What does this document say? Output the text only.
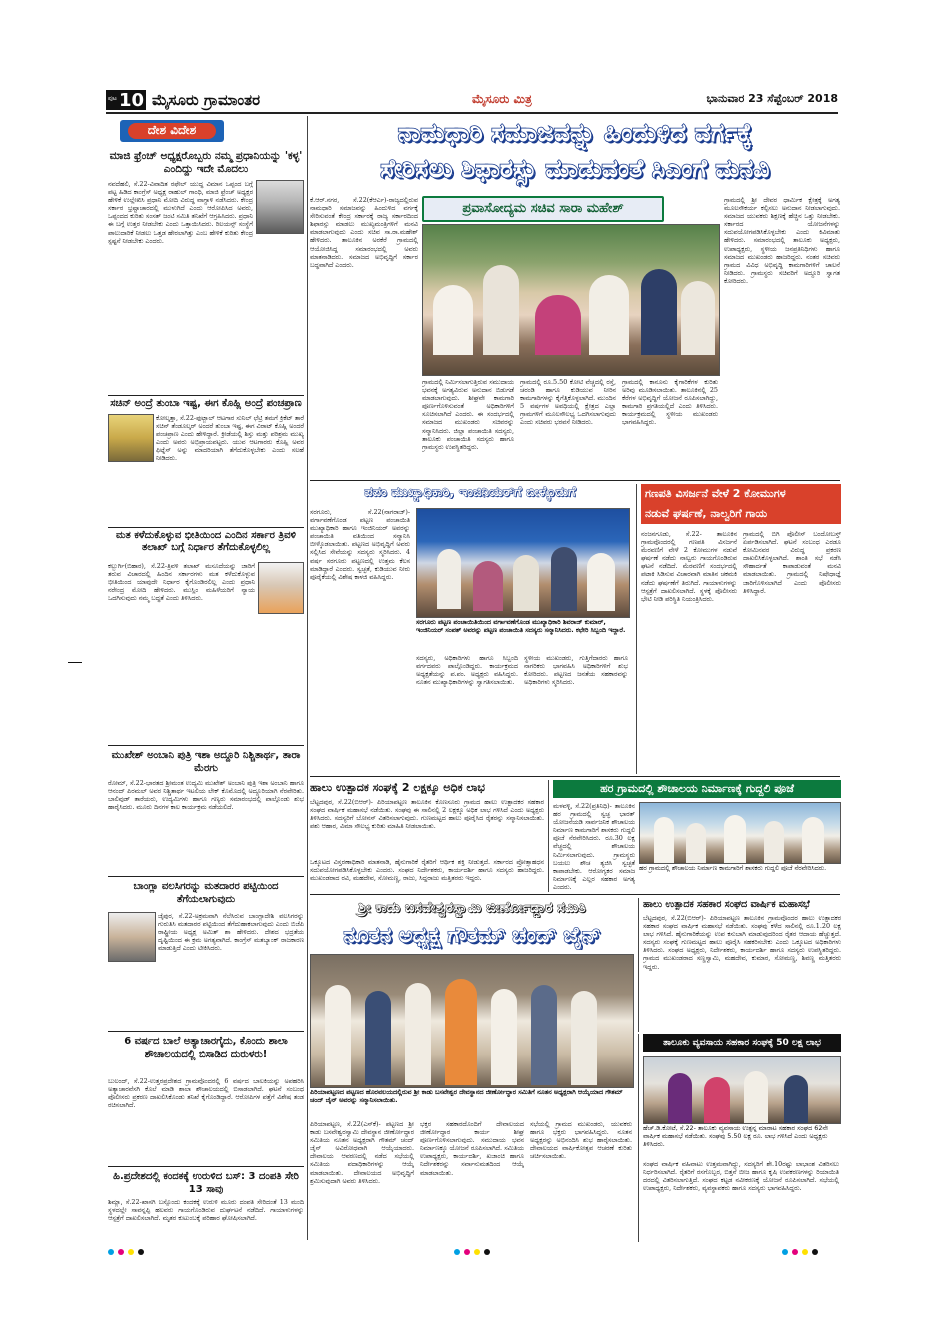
ಪುಟ 10 ಮೈಸೂರು ಗ್ರಾಮಾಂತರ	ಮೈಸೂರು ಮಿತ್ರ	ಭಾನುವಾರ 23 ಸೆಪ್ಟೆಂಬರ್ 2018
ದೇಶ ವಿದೇಶ
ಮಾಜಿ ಫ್ರೆಂಚ್ ಅಧ್ಯಕ್ಷರೊಬ್ಬರು ನಮ್ಮ ಪ್ರಧಾನಿಯನ್ನು 'ಕಳ್ಳ' ಎಂದಿದ್ದು ಇದೇ ಮೊದಲು
ನವದೆಹಲಿ, ಸೆ.22-ವಿವಾದಿತ ರಫೇಲ್ ಯುದ್ಧ ವಿಮಾನ ಒಪ್ಪಂದ ಬಗ್ಗೆ ಪಟ್ಟ ಹಿಡಿದ ಕಾಂಗ್ರೆಸ್ ಅಧ್ಯಕ್ಷ ರಾಹುಲ್ ಗಾಂಧಿ, ಮಾಜಿ ಫ್ರೆಂಚ್ ಅಧ್ಯಕ್ಷರ ಹೇಳಿಕೆ ಉಲ್ಲೇಖಿಸಿ ಪ್ರಧಾನಿ ಮೋದಿ ವಿರುದ್ಧ ವಾಗ್ದಾಳಿ ನಡೆಸಿದರು. ಕೇಂದ್ರ ಸರ್ಕಾರ ಭ್ರಷ್ಟಾಚಾರದಲ್ಲಿ ಮುಳುಗಿದೆ ಎಂದು ಆರೋಪಿಸಿದ ಅವರು, ಒಪ್ಪಂದದ ಕುರಿತು ಸಂಸತ್ ಜಂಟಿ ಸಮಿತಿ ತನಿಖೆಗೆ ಆಗ್ರಹಿಸಿದರು. ಪ್ರಧಾನಿ ಈ ಬಗ್ಗೆ ಉತ್ತರ ನೀಡಬೇಕು ಎಂದು ಒತ್ತಾಯಿಸಿದರು. ರಿಲಯನ್ಸ್ ಸಂಸ್ಥೆಗೆ ಪಾಲುದಾರಿಕೆ ನೀಡಲು ಒತ್ತಡ ಹೇರಲಾಗಿತ್ತು ಎಂಬ ಹೇಳಿಕೆ ಕುರಿತು ಕೇಂದ್ರ ಸ್ಪಷ್ಟನೆ ನೀಡಬೇಕು ಎಂದರು.
ಸಚಿನ್ ಅಂದ್ರೆ ತುಂಬಾ ಇಷ್ಟ, ಈಗ ಕೊಹ್ಲಿ ಅಂದ್ರೆ ಪಂಚಪ್ರಾಣ
ಕೋಲ್ಕತ್ತಾ, ಸೆ.22-ಫುಟ್ಬಾಲ್ ಆಟಗಾರ ಸುನಿಲ್ ಛೆಟ್ರಿ ತಮಗೆ ಕ್ರಿಕೆಟ್ ತಾರೆ ಸಚಿನ್ ತೆಂಡೂಲ್ಕರ್ ಅಂದರೆ ತುಂಬಾ ಇಷ್ಟ, ಈಗ ವಿರಾಟ್ ಕೊಹ್ಲಿ ಅಂದರೆ ಪಂಚಪ್ರಾಣ ಎಂದು ಹೇಳಿದ್ದಾರೆ. ಕ್ರೀಡೆಯಲ್ಲಿ ಶಿಸ್ತು ಮತ್ತು ಪರಿಶ್ರಮ ಮುಖ್ಯ ಎಂದು ಅವರು ಅಭಿಪ್ರಾಯಪಟ್ಟರು. ಯುವ ಆಟಗಾರರು ಕೊಹ್ಲಿ ಅವರ ಫಿಟ್ನೆಸ್ ಅನ್ನು ಮಾದರಿಯಾಗಿ ತೆಗೆದುಕೊಳ್ಳಬೇಕು ಎಂದು ಸಲಹೆ ನೀಡಿದರು.
ಮತ ಕಳೆದುಕೊಳ್ಳುವ ಭೀತಿಯಿಂದ ಎಂದಿನ ಸರ್ಕಾರ ತ್ರಿವಳಿ ತಲಾಖ್ ಬಗ್ಗೆ ನಿರ್ಧಾರ ತೆಗೆದುಕೊಳ್ಳಲಿಲ್ಲ
ಕಲ್ಬುರ್ಗಿ(ಬಿಹಾರ), ಸೆ.22-ತ್ರಿವಳಿ ತಲಾಖ್ ಮಸೂದೆಯನ್ನು ಜಾರಿಗೆ ತರುವ ವಿಚಾರದಲ್ಲಿ ಹಿಂದಿನ ಸರ್ಕಾರಗಳು ಮತ ಕಳೆದುಕೊಳ್ಳುವ ಭೀತಿಯಿಂದ ಯಾವುದೇ ನಿರ್ಧಾರ ಕೈಗೊಂಡಿರಲಿಲ್ಲ ಎಂದು ಪ್ರಧಾನಿ ನರೇಂದ್ರ ಮೋದಿ ಹೇಳಿದರು. ಮುಸ್ಲಿಂ ಮಹಿಳೆಯರಿಗೆ ನ್ಯಾಯ ಒದಗಿಸುವುದು ನಮ್ಮ ಬದ್ಧತೆ ಎಂದು ತಿಳಿಸಿದರು.
ಮುಖೇಶ್ ಅಂಬಾನಿ ಪುತ್ರಿ ಇಶಾ ಅದ್ದೂರಿ ನಿಶ್ಚಿತಾರ್ಥ, ತಾರಾ ಮೆರಗು
ರೋಮ್, ಸೆ.22-ಭಾರತದ ಶ್ರೀಮಂತ ಉದ್ಯಮಿ ಮುಖೇಶ್ ಅಂಬಾನಿ ಪುತ್ರಿ ಇಶಾ ಅಂಬಾನಿ ಹಾಗೂ ಆನಂದ್ ಪಿರಮಲ್ ಅವರ ನಿಶ್ಚಿತಾರ್ಥ ಇಟಲಿಯ ಲೇಕ್ ಕೊಮೊದಲ್ಲಿ ಅದ್ದೂರಿಯಾಗಿ ನೆರವೇರಿತು. ಬಾಲಿವುಡ್ ತಾರೆಯರು, ಉದ್ಯಮಿಗಳು ಹಾಗೂ ಗಣ್ಯರು ಸಮಾರಂಭದಲ್ಲಿ ಪಾಲ್ಗೊಂಡು ಶುಭ ಹಾರೈಸಿದರು. ಮೂರು ದಿನಗಳ ಕಾಲ ಕಾರ್ಯಕ್ರಮ ನಡೆಯಲಿದೆ.
ಬಾಂಗ್ಲಾ ವಲಸಿಗರನ್ನು ಮತದಾರರ ಪಟ್ಟಿಯಿಂದ ತೆಗೆಯಲಾಗುವುದು
ಜೈಪುರ, ಸೆ.22-ಅಕ್ರಮವಾಗಿ ನೆಲೆಸಿರುವ ಬಾಂಗ್ಲಾದೇಶಿ ವಲಸಿಗರನ್ನು ಗುರುತಿಸಿ ಮತದಾರರ ಪಟ್ಟಿಯಿಂದ ತೆಗೆದುಹಾಕಲಾಗುವುದು ಎಂದು ಬಿಜೆಪಿ ರಾಷ್ಟ್ರೀಯ ಅಧ್ಯಕ್ಷ ಅಮಿತ್ ಶಾ ಹೇಳಿದರು. ದೇಶದ ಭದ್ರತೆಯ ದೃಷ್ಟಿಯಿಂದ ಈ ಕ್ರಮ ಅಗತ್ಯವಾಗಿದೆ. ಕಾಂಗ್ರೆಸ್ ಮತಬ್ಯಾಂಕ್ ರಾಜಕಾರಣ ಮಾಡುತ್ತಿದೆ ಎಂದು ಟೀಕಿಸಿದರು.
6 ವರ್ಷದ ಬಾಲೆ ಅತ್ಯಾಚಾರಗೈದು, ಕೊಂದು ಶಾಲಾ ಶೌಚಾಲಯದಲ್ಲಿ ಬಿಸಾಡಿದ ದುರುಳರು!
ಬುಲಂದ್, ಸೆ.22-ಉತ್ತರಪ್ರದೇಶದ ಗ್ರಾಮವೊಂದರಲ್ಲಿ 6 ವರ್ಷದ ಬಾಲಕಿಯನ್ನು ಅಪಹರಿಸಿ ಅತ್ಯಾಚಾರವೆಸಗಿ ಕೊಲೆ ಮಾಡಿ ಶಾಲಾ ಶೌಚಾಲಯದಲ್ಲಿ ಬಿಸಾಡಲಾಗಿದೆ. ಘಟನೆ ಸಂಬಂಧ ಪೊಲೀಸರು ಪ್ರಕರಣ ದಾಖಲಿಸಿಕೊಂಡು ತನಿಖೆ ಕೈಗೊಂಡಿದ್ದಾರೆ. ಆರೋಪಿಗಳ ಪತ್ತೆಗೆ ವಿಶೇಷ ತಂಡ ರಚಿಸಲಾಗಿದೆ.
ಹಿ.ಪ್ರದೇಶದಲ್ಲಿ ಕಂದಕಕ್ಕೆ ಉರುಳಿದ ಬಸ್: 3 ದಂಪತಿ ಸೇರಿ 13 ಸಾವು
ಶಿಮ್ಲಾ, ಸೆ.22-ಖಾಸಗಿ ಬಸ್ಸೊಂದು ಕಂದಕಕ್ಕೆ ಉರುಳಿ ಮೂರು ದಂಪತಿ ಸೇರಿದಂತೆ 13 ಮಂದಿ ಸ್ಥಳದಲ್ಲೇ ಸಾವನ್ನಪ್ಪಿ ಹಲವರು ಗಾಯಗೊಂಡಿರುವ ದುರ್ಘಟನೆ ನಡೆದಿದೆ. ಗಾಯಾಳುಗಳನ್ನು ಆಸ್ಪತ್ರೆಗೆ ದಾಖಲಿಸಲಾಗಿದೆ. ಮೃತರ ಕುಟುಂಬಕ್ಕೆ ಪರಿಹಾರ ಘೋಷಿಸಲಾಗಿದೆ.
ನಾಮಧಾರಿ ಸಮಾಜವನ್ನು ಹಿಂದುಳಿದ ವರ್ಗಕ್ಕೆ
ಸೇರಿಸಲು ಶಿಫಾರಸ್ಸು ಮಾಡುವಂತೆ ಸಿಎಂಗೆ ಮನವಿ
ಪ್ರವಾಸೋದ್ಯಮ ಸಚಿವ ಸಾರಾ ಮಹೇಶ್
ಕೆ.ಆರ್.ನಗರ, ಸೆ.22(ಕೆಆರ್ಎ)-ರಾಜ್ಯದಲ್ಲಿರುವ ನಾಮಧಾರಿ ಸಮಾಜವನ್ನು ಹಿಂದುಳಿದ ವರ್ಗಕ್ಕೆ ಸೇರಿಸುವಂತೆ ಕೇಂದ್ರ ಸರ್ಕಾರಕ್ಕೆ ರಾಜ್ಯ ಸರ್ಕಾರದಿಂದ ಶಿಫಾರಸ್ಸು ಮಾಡಲು ಮುಖ್ಯಮಂತ್ರಿಗಳಿಗೆ ಮನವಿ ಮಾಡಲಾಗುವುದು ಎಂದು ಸಚಿವ ಸಾ.ರಾ.ಮಹೇಶ್ ಹೇಳಿದರು. ತಾಲೂಕಿನ ಅರಕೆರೆ ಗ್ರಾಮದಲ್ಲಿ ಆಯೋಜಿಸಿದ್ದ ಸಮಾರಂಭದಲ್ಲಿ ಅವರು ಮಾತನಾಡಿದರು. ಸಮಾಜದ ಅಭಿವೃದ್ಧಿಗೆ ಸರ್ಕಾರ ಬದ್ಧವಾಗಿದೆ ಎಂದರು.
ಗ್ರಾಮದಲ್ಲಿ ನಿರ್ಮಿಸಲಾಗುತ್ತಿರುವ ಸಮುದಾಯ ಭವನಕ್ಕೆ ಅಗತ್ಯವಿರುವ ಅನುದಾನ ಬಿಡುಗಡೆ ಮಾಡಲಾಗುವುದು. ಶೀಘ್ರವೇ ಕಾಮಗಾರಿ ಪೂರ್ಣಗೊಳಿಸುವಂತೆ ಅಧಿಕಾರಿಗಳಿಗೆ ಸೂಚಿಸಲಾಗಿದೆ ಎಂದರು. ಈ ಸಂದರ್ಭದಲ್ಲಿ ಸಮಾಜದ ಮುಖಂಡರು ಸಚಿವರನ್ನು ಸನ್ಮಾನಿಸಿದರು. ಜಿಲ್ಲಾ ಪಂಚಾಯಿತಿ ಸದಸ್ಯರು, ತಾಲೂಕು ಪಂಚಾಯಿತಿ ಸದಸ್ಯರು ಹಾಗೂ ಗ್ರಾಮಸ್ಥರು ಉಪಸ್ಥಿತರಿದ್ದರು.
ಗ್ರಾಮದಲ್ಲಿ ರೂ.5.50 ಕೋಟಿ ವೆಚ್ಚದಲ್ಲಿ ರಸ್ತೆ, ಚರಂಡಿ ಹಾಗೂ ಕುಡಿಯುವ ನೀರಿನ ಕಾಮಗಾರಿಗಳನ್ನು ಕೈಗೆತ್ತಿಕೊಳ್ಳಲಾಗಿದೆ. ಮುಂದಿನ 5 ವರ್ಷಗಳ ಅವಧಿಯಲ್ಲಿ ಕ್ಷೇತ್ರದ ಎಲ್ಲಾ ಗ್ರಾಮಗಳಿಗೆ ಮೂಲಸೌಲಭ್ಯ ಒದಗಿಸಲಾಗುವುದು ಎಂದು ಸಚಿವರು ಭರವಸೆ ನೀಡಿದರು.
ಗ್ರಾಮದಲ್ಲಿ ಕಾನೂನು ಕೈಗಾರಿಕೆಗಳ ಕುರಿತು ಅರಿವು ಮೂಡಿಸಲಾಯಿತು. ತಾಲೂಕಿನಲ್ಲಿ 25 ಕೆರೆಗಳ ಅಭಿವೃದ್ಧಿಗೆ ಯೋಜನೆ ರೂಪಿಸಲಾಗಿದ್ದು, ಕಾಮಗಾರಿ ಪ್ರಗತಿಯಲ್ಲಿದೆ ಎಂದು ತಿಳಿಸಿದರು. ಕಾರ್ಯಕ್ರಮದಲ್ಲಿ ಸ್ಥಳೀಯ ಮುಖಂಡರು ಭಾಗವಹಿಸಿದ್ದರು.
ಗ್ರಾಮದಲ್ಲಿ ಶ್ರೀ ದೇವರ ಧಾರ್ಮಿಕ ಕ್ಷೇತ್ರಕ್ಕೆ ಅಗತ್ಯ ಮೂಲಸೌಕರ್ಯ ಕಲ್ಪಿಸಲು ಅನುದಾನ ನೀಡಲಾಗುವುದು. ಸಮಾಜದ ಯುವಕರು ಶಿಕ್ಷಣಕ್ಕೆ ಹೆಚ್ಚಿನ ಒತ್ತು ನೀಡಬೇಕು. ಸರ್ಕಾರದ ಯೋಜನೆಗಳನ್ನು ಸದುಪಯೋಗಪಡಿಸಿಕೊಳ್ಳಬೇಕು ಎಂದು ಕಿವಿಮಾತು ಹೇಳಿದರು. ಸಮಾರಂಭದಲ್ಲಿ ತಾಲೂಕು ಅಧ್ಯಕ್ಷರು, ಉಪಾಧ್ಯಕ್ಷರು, ಸ್ಥಳೀಯ ಜನಪ್ರತಿನಿಧಿಗಳು ಹಾಗೂ ಸಮಾಜದ ಮುಖಂಡರು ಹಾಜರಿದ್ದರು. ನಂತರ ಸಚಿವರು ಗ್ರಾಮದ ವಿವಿಧ ಅಭಿವೃದ್ಧಿ ಕಾಮಗಾರಿಗಳಿಗೆ ಚಾಲನೆ ನೀಡಿದರು. ಗ್ರಾಮಸ್ಥರು ಸಚಿವರಿಗೆ ಅದ್ದೂರಿ ಸ್ವಾಗತ ಕೋರಿದರು.
ಪಪಂ ಮುಖ್ಯಾಧಿಕಾರಿ, ಇಂಜಿನಿಯರ್‌ಗೆ ಬೀಳ್ಕೊಡುಗೆ
ಸರಗೂರು, ಸೆ.22(ನಾಗರಾಜ್)- ವರ್ಗಾವಣೆಗೊಂಡ ಪಟ್ಟಣ ಪಂಚಾಯಿತಿ ಮುಖ್ಯಾಧಿಕಾರಿ ಹಾಗೂ ಇಂಜಿನಿಯರ್ ಅವರನ್ನು ಪಂಚಾಯಿತಿ ವತಿಯಿಂದ ಸನ್ಮಾನಿಸಿ ಬೀಳ್ಕೊಡಲಾಯಿತು. ಪಟ್ಟಣದ ಅಭಿವೃದ್ಧಿಗೆ ಅವರು ಸಲ್ಲಿಸಿದ ಸೇವೆಯನ್ನು ಸದಸ್ಯರು ಸ್ಮರಿಸಿದರು. 4 ವರ್ಷ ಸರಗೂರು ಪಟ್ಟಣದಲ್ಲಿ ಉತ್ತಮ ಕೆಲಸ ಮಾಡಿದ್ದಾರೆ ಎಂದರು. ಸ್ವಚ್ಛತೆ, ಕುಡಿಯುವ ನೀರು ಪೂರೈಕೆಯಲ್ಲಿ ವಿಶೇಷ ಕಾಳಜಿ ವಹಿಸಿದ್ದರು.
ಸರಗೂರು ಪಟ್ಟಣ ಪಂಚಾಯಿತಿಯಿಂದ ವರ್ಗಾವಣೆಗೊಂಡ ಮುಖ್ಯಾಧಿಕಾರಿ ಶಿವರಾಜ್ ಕುಮಾರ್, ಇಂಜಿನಿಯರ್ ಸಂಪತ್ ಅವರನ್ನು ಪಟ್ಟಣ ಪಂಚಾಯಿತಿ ಸದಸ್ಯರು ಸನ್ಮಾನಿಸಿದರು. ಕಛೇರಿ ಸಿಬ್ಬಂದಿ ಇದ್ದಾರೆ.
ಸದಸ್ಯರು, ಅಧಿಕಾರಿಗಳು ಹಾಗೂ ಸಿಬ್ಬಂದಿ ವರ್ಗದವರು ಪಾಲ್ಗೊಂಡಿದ್ದರು. ಕಾರ್ಯಕ್ರಮದ ಅಧ್ಯಕ್ಷತೆಯನ್ನು ಪ.ಪಂ. ಅಧ್ಯಕ್ಷರು ವಹಿಸಿದ್ದರು. ನೂತನ ಮುಖ್ಯಾಧಿಕಾರಿಗಳನ್ನು ಸ್ವಾಗತಿಸಲಾಯಿತು.
ಸ್ಥಳೀಯ ಮುಖಂಡರು, ಗುತ್ತಿಗೆದಾರರು ಹಾಗೂ ನಾಗರಿಕರು ಭಾಗವಹಿಸಿ ಅಧಿಕಾರಿಗಳಿಗೆ ಶುಭ ಕೋರಿದರು. ಪಟ್ಟಣದ ಜನತೆಯ ಸಹಕಾರವನ್ನು ಅಧಿಕಾರಿಗಳು ಸ್ಮರಿಸಿದರು.
ಗಣಪತಿ ವಿಸರ್ಜನೆ ವೇಳೆ 2 ಕೋಮುಗಳ
ನಡುವೆ ಘರ್ಷಣೆ, ನಾಲ್ವರಿಗೆ ಗಾಯ
ನಂಜನಗೂಡು, ಸೆ.22- ತಾಲೂಕಿನ ಗ್ರಾಮವೊಂದರಲ್ಲಿ ಗಣಪತಿ ವಿಸರ್ಜನೆ ಮೆರವಣಿಗೆ ವೇಳೆ 2 ಕೋಮುಗಳ ನಡುವೆ ಘರ್ಷಣೆ ನಡೆದು ನಾಲ್ವರು ಗಾಯಗೊಂಡಿರುವ ಘಟನೆ ನಡೆದಿದೆ. ಮೆರವಣಿಗೆ ಸಂದರ್ಭದಲ್ಲಿ ಪಟಾಕಿ ಸಿಡಿಸುವ ವಿಚಾರವಾಗಿ ಮಾತಿನ ಚಕಮಕಿ ನಡೆದು ಘರ್ಷಣೆಗೆ ತಿರುಗಿದೆ. ಗಾಯಾಳುಗಳನ್ನು ಆಸ್ಪತ್ರೆಗೆ ದಾಖಲಿಸಲಾಗಿದೆ. ಸ್ಥಳಕ್ಕೆ ಪೊಲೀಸರು ಭೇಟಿ ನೀಡಿ ಪರಿಸ್ಥಿತಿ ನಿಯಂತ್ರಿಸಿದರು.
ಗ್ರಾಮದಲ್ಲಿ ಬಿಗಿ ಪೊಲೀಸ್ ಬಂದೋಬಸ್ತ್ ಏರ್ಪಡಿಸಲಾಗಿದೆ. ಘಟನೆ ಸಂಬಂಧ ಎರಡೂ ಕೋಮಿನವರ ವಿರುದ್ಧ ಪ್ರಕರಣ ದಾಖಲಿಸಿಕೊಳ್ಳಲಾಗಿದೆ. ಶಾಂತಿ ಸಭೆ ನಡೆಸಿ ಸೌಹಾರ್ದತೆ ಕಾಪಾಡುವಂತೆ ಮನವಿ ಮಾಡಲಾಯಿತು. ಗ್ರಾಮದಲ್ಲಿ ನಿಷೇಧಾಜ್ಞೆ ಜಾರಿಗೊಳಿಸಲಾಗಿದೆ ಎಂದು ಪೊಲೀಸರು ತಿಳಿಸಿದ್ದಾರೆ.
ಹಾಲು ಉತ್ಪಾದಕ ಸಂಘಕ್ಕೆ 2 ಲಕ್ಷಕ್ಕೂ ಅಧಿಕ ಲಾಭ
ಬೆಟ್ಟದಪುರ, ಸೆ.22(ಬಿಆರ್)- ಪಿರಿಯಾಪಟ್ಟಣ ತಾಲೂಕಿನ ಕೊಣಸೂರು ಗ್ರಾಮದ ಹಾಲು ಉತ್ಪಾದಕರ ಸಹಕಾರ ಸಂಘದ ವಾರ್ಷಿಕ ಮಹಾಸಭೆ ನಡೆಯಿತು. ಸಂಘವು ಈ ಸಾಲಿನಲ್ಲಿ 2 ಲಕ್ಷಕ್ಕೂ ಅಧಿಕ ಲಾಭ ಗಳಿಸಿದೆ ಎಂದು ಅಧ್ಯಕ್ಷರು ತಿಳಿಸಿದರು. ಸದಸ್ಯರಿಗೆ ಬೋನಸ್ ವಿತರಿಸಲಾಗುವುದು. ಗುಣಮಟ್ಟದ ಹಾಲು ಪೂರೈಸಿದ ರೈತರನ್ನು ಸನ್ಮಾನಿಸಲಾಯಿತು. ಪಶು ಆಹಾರ, ವಿಮಾ ಸೌಲಭ್ಯ ಕುರಿತು ಮಾಹಿತಿ ನೀಡಲಾಯಿತು.
ಒಕ್ಕೂಟದ ವಿಸ್ತರಣಾಧಿಕಾರಿ ಮಾತನಾಡಿ, ಹೈನುಗಾರಿಕೆ ರೈತರಿಗೆ ಆರ್ಥಿಕ ಶಕ್ತಿ ನೀಡುತ್ತದೆ. ಸರ್ಕಾರದ ಪ್ರೋತ್ಸಾಹಧನ ಸದುಪಯೋಗಪಡಿಸಿಕೊಳ್ಳಬೇಕು ಎಂದರು. ಸಂಘದ ನಿರ್ದೇಶಕರು, ಕಾರ್ಯದರ್ಶಿ ಹಾಗೂ ಸದಸ್ಯರು ಹಾಜರಿದ್ದರು. ಮುಖಂಡರಾದ ರವಿ, ಮಹದೇವ, ಸೋಮಣ್ಣ, ರಾಜು, ಸಿದ್ದರಾಜು ಮತ್ತಿತರರು ಇದ್ದರು.
ಹರ ಗ್ರಾಮದಲ್ಲಿ ಶೌಚಾಲಯ ನಿರ್ಮಾಣಕ್ಕೆ ಗುದ್ದಲಿ ಪೂಜೆ
ಮಳವಳ್ಳಿ, ಸೆ.22(ಪ್ರತಿನಿಧಿ)- ತಾಲೂಕಿನ ಹರ ಗ್ರಾಮದಲ್ಲಿ ಸ್ವಚ್ಛ ಭಾರತ್ ಯೋಜನೆಯಡಿ ಸಾರ್ವಜನಿಕ ಶೌಚಾಲಯ ನಿರ್ಮಾಣ ಕಾಮಗಾರಿಗೆ ಶಾಸಕರು ಗುದ್ದಲಿ ಪೂಜೆ ನೆರವೇರಿಸಿದರು. ರೂ.30 ಲಕ್ಷ ವೆಚ್ಚದಲ್ಲಿ ಶೌಚಾಲಯ ನಿರ್ಮಿಸಲಾಗುವುದು. ಗ್ರಾಮಸ್ಥರು ಬಯಲು ಶೌಚ ತ್ಯಜಿಸಿ ಸ್ವಚ್ಛತೆ ಕಾಪಾಡಬೇಕು. ಆರೋಗ್ಯಕರ ಸಮಾಜ ನಿರ್ಮಾಣಕ್ಕೆ ಎಲ್ಲರ ಸಹಕಾರ ಅಗತ್ಯ ಎಂದರು.
ಹರ ಗ್ರಾಮದಲ್ಲಿ ಶೌಚಾಲಯ ನಿರ್ಮಾಣ ಕಾಮಗಾರಿಗೆ ಶಾಸಕರು ಗುದ್ದಲಿ ಪೂಜೆ ನೆರವೇರಿಸಿದರು.
ಶ್ರೀ ಕಾಡು ಬಸವೇಶ್ವರಸ್ವಾಮಿ ಜೀರ್ಣೋದ್ಧಾರ ಸಮಿತಿ
ನೂತನ ಅಧ್ಯಕ್ಷ ಗೌತಮ್ ಚಂದ್ ಜೈನ್
ಪಿರಿಯಾಪಟ್ಟಣದ ಪಟ್ಟಣದ ಹೊರವಲಯದಲ್ಲಿರುವ ಶ್ರೀ ಕಾಡು ಬಸವೇಶ್ವರ ದೇವಸ್ಥಾನದ ಜೀರ್ಣೋದ್ಧಾರ ಸಮಿತಿಗೆ ನೂತನ ಅಧ್ಯಕ್ಷರಾಗಿ ಆಯ್ಕೆಯಾದ ಗೌತಮ್ ಚಂದ್ ಜೈನ್ ಅವರನ್ನು ಸನ್ಮಾನಿಸಲಾಯಿತು.
ಪಿರಿಯಾಪಟ್ಟಣ, ಸೆ.22(ಎಸ್‌ಕೆ)- ಪಟ್ಟಣದ ಶ್ರೀ ಕಾಡು ಬಸವೇಶ್ವರಸ್ವಾಮಿ ದೇವಸ್ಥಾನ ಜೀರ್ಣೋದ್ಧಾರ ಸಮಿತಿಯ ನೂತನ ಅಧ್ಯಕ್ಷರಾಗಿ ಗೌತಮ್ ಚಂದ್ ಜೈನ್ ಅವಿರೋಧವಾಗಿ ಆಯ್ಕೆಯಾದರು. ದೇವಾಲಯ ಆವರಣದಲ್ಲಿ ನಡೆದ ಸಭೆಯಲ್ಲಿ ಸಮಿತಿಯ ಪದಾಧಿಕಾರಿಗಳನ್ನು ಆಯ್ಕೆ ಮಾಡಲಾಯಿತು. ದೇವಾಲಯದ ಅಭಿವೃದ್ಧಿಗೆ ಶ್ರಮಿಸುವುದಾಗಿ ಅವರು ತಿಳಿಸಿದರು.
ಭಕ್ತರ ಸಹಕಾರದೊಂದಿಗೆ ದೇವಾಲಯದ ಜೀರ್ಣೋದ್ಧಾರ ಕಾರ್ಯ ಶೀಘ್ರ ಪೂರ್ಣಗೊಳಿಸಲಾಗುವುದು. ಸಮುದಾಯ ಭವನ ನಿರ್ಮಾಣಕ್ಕೂ ಯೋಜನೆ ರೂಪಿಸಲಾಗಿದೆ. ಸಮಿತಿಯ ಉಪಾಧ್ಯಕ್ಷರು, ಕಾರ್ಯದರ್ಶಿ, ಖಜಾಂಚಿ ಹಾಗೂ ನಿರ್ದೇಶಕರನ್ನು ಸರ್ವಾನುಮತದಿಂದ ಆಯ್ಕೆ ಮಾಡಲಾಯಿತು.
ಸಭೆಯಲ್ಲಿ ಗ್ರಾಮದ ಮುಖಂಡರು, ಯುವಕರು ಹಾಗೂ ಭಕ್ತರು ಭಾಗವಹಿಸಿದ್ದರು. ನೂತನ ಅಧ್ಯಕ್ಷರನ್ನು ಅಭಿನಂದಿಸಿ ಶುಭ ಹಾರೈಸಲಾಯಿತು. ದೇವಾಲಯದ ವಾರ್ಷಿಕೋತ್ಸವ ಆಚರಣೆ ಕುರಿತು ಚರ್ಚಿಸಲಾಯಿತು.
ಹಾಲು ಉತ್ಪಾದಕ ಸಹಕಾರ ಸಂಘದ ವಾರ್ಷಿಕ ಮಹಾಸಭೆ
ಬೆಟ್ಟದಪುರ, ಸೆ.22(ಬಿಆರ್)- ಪಿರಿಯಾಪಟ್ಟಣ ತಾಲೂಕಿನ ಗ್ರಾಮವೊಂದರ ಹಾಲು ಉತ್ಪಾದಕರ ಸಹಕಾರ ಸಂಘದ ವಾರ್ಷಿಕ ಮಹಾಸಭೆ ನಡೆಯಿತು. ಸಂಘವು ಕಳೆದ ಸಾಲಿನಲ್ಲಿ ರೂ.1.20 ಲಕ್ಷ ಲಾಭ ಗಳಿಸಿದೆ. ಹೈನುಗಾರಿಕೆಯನ್ನು ಉಪ ಕಸುಬಾಗಿ ಮಾಡುವುದರಿಂದ ರೈತರ ಆದಾಯ ಹೆಚ್ಚುತ್ತದೆ. ಸದಸ್ಯರು ಸಂಘಕ್ಕೆ ಗುಣಮಟ್ಟದ ಹಾಲು ಪೂರೈಸಿ ಸಹಕರಿಸಬೇಕು ಎಂದು ಒಕ್ಕೂಟದ ಅಧಿಕಾರಿಗಳು ತಿಳಿಸಿದರು. ಸಂಘದ ಅಧ್ಯಕ್ಷರು, ನಿರ್ದೇಶಕರು, ಕಾರ್ಯದರ್ಶಿ ಹಾಗೂ ಸದಸ್ಯರು ಉಪಸ್ಥಿತರಿದ್ದರು. ಗ್ರಾಮದ ಮುಖಂಡರಾದ ಸಣ್ಣಸ್ವಾಮಿ, ಮಹದೇವ, ಕುಮಾರ, ಸೋಮಣ್ಣ, ಶಿವಣ್ಣ ಮತ್ತಿತರರು ಇದ್ದರು.
ತಾಲೂಕು ವ್ಯವಸಾಯ ಸಹಕಾರ ಸಂಘಕ್ಕೆ 50 ಲಕ್ಷ ಲಾಭ
ಹೆಚ್.ಡಿ.ಕೋಟೆ, ಸೆ.22- ತಾಲೂಕು ವ್ಯವಸಾಯ ಉತ್ಪನ್ನ ಮಾರಾಟ ಸಹಕಾರ ಸಂಘದ 62ನೇ ವಾರ್ಷಿಕ ಮಹಾಸಭೆ ನಡೆಯಿತು. ಸಂಘವು 5.50 ಲಕ್ಷ ರೂ. ಲಾಭ ಗಳಿಸಿದೆ ಎಂದು ಅಧ್ಯಕ್ಷರು ತಿಳಿಸಿದರು.
ಸಂಘದ ವಾರ್ಷಿಕ ವಹಿವಾಟು ಉತ್ತಮವಾಗಿದ್ದು, ಸದಸ್ಯರಿಗೆ ಶೇ.10ರಷ್ಟು ಲಾಭಾಂಶ ವಿತರಿಸಲು ನಿರ್ಧರಿಸಲಾಗಿದೆ. ರೈತರಿಗೆ ರಸಗೊಬ್ಬರ, ಬಿತ್ತನೆ ಬೀಜ ಹಾಗೂ ಕೃಷಿ ಉಪಕರಣಗಳನ್ನು ರಿಯಾಯಿತಿ ದರದಲ್ಲಿ ವಿತರಿಸಲಾಗುತ್ತಿದೆ. ಸಂಘದ ಕಟ್ಟಡ ನವೀಕರಣಕ್ಕೆ ಯೋಜನೆ ರೂಪಿಸಲಾಗಿದೆ. ಸಭೆಯಲ್ಲಿ ಉಪಾಧ್ಯಕ್ಷರು, ನಿರ್ದೇಶಕರು, ವ್ಯವಸ್ಥಾಪಕರು ಹಾಗೂ ಸದಸ್ಯರು ಭಾಗವಹಿಸಿದ್ದರು.
